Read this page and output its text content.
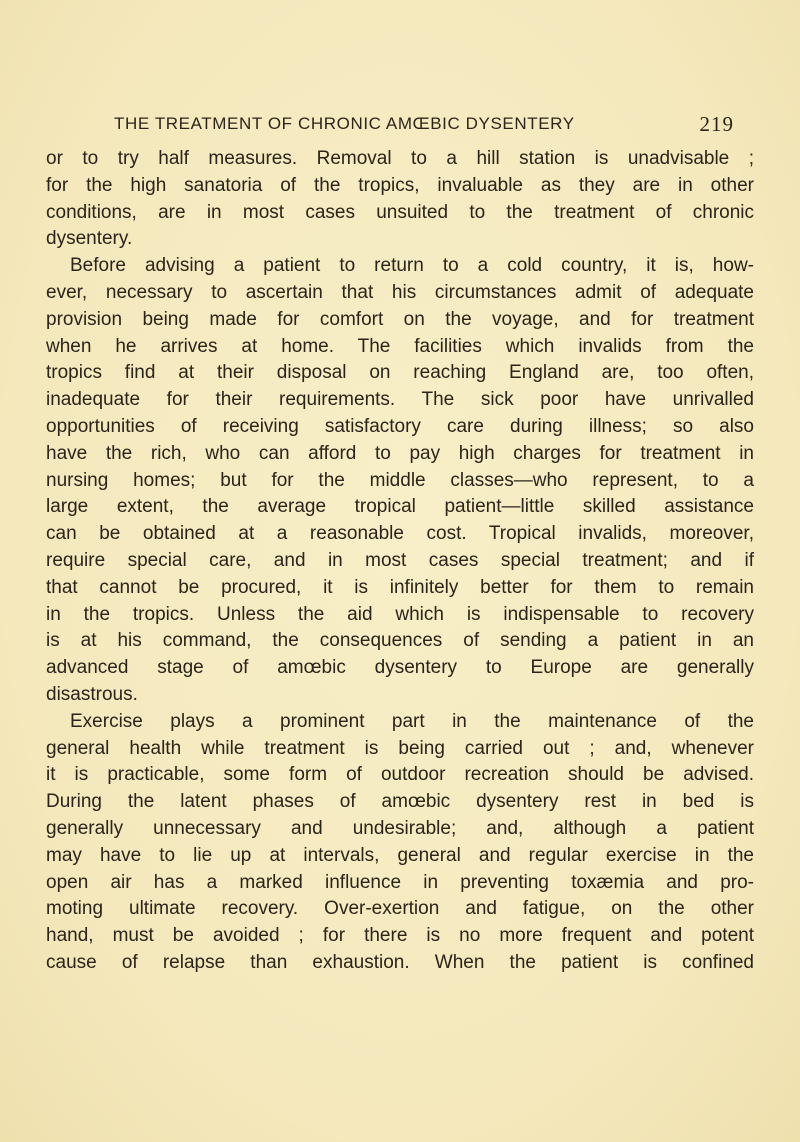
THE TREATMENT OF CHRONIC AMŒBIC DYSENTERY	219
or to try half measures. Removal to a hill station is unadvisable ;
for the high sanatoria of the tropics, invaluable as they are in other
conditions, are in most cases unsuited to the treatment of chronic
dysentery.
Before advising a patient to return to a cold country, it is, how-
ever, necessary to ascertain that his circumstances admit of adequate
provision being made for comfort on the voyage, and for treatment
when he arrives at home. The facilities which invalids from the
tropics find at their disposal on reaching England are, too often,
inadequate for their requirements. The sick poor have unrivalled
opportunities of receiving satisfactory care during illness; so also
have the rich, who can afford to pay high charges for treatment in
nursing homes; but for the middle classes—who represent, to a
large extent, the average tropical patient—little skilled assistance
can be obtained at a reasonable cost. Tropical invalids, moreover,
require special care, and in most cases special treatment; and if
that cannot be procured, it is infinitely better for them to remain
in the tropics. Unless the aid which is indispensable to recovery
is at his command, the consequences of sending a patient in an
advanced stage of amœbic dysentery to Europe are generally
disastrous.
Exercise plays a prominent part in the maintenance of the
general health while treatment is being carried out ; and, whenever
it is practicable, some form of outdoor recreation should be advised.
During the latent phases of amœbic dysentery rest in bed is
generally unnecessary and undesirable; and, although a patient
may have to lie up at intervals, general and regular exercise in the
open air has a marked influence in preventing toxæmia and pro-
moting ultimate recovery. Over-exertion and fatigue, on the other
hand, must be avoided ; for there is no more frequent and potent
cause of relapse than exhaustion. When the patient is confined
